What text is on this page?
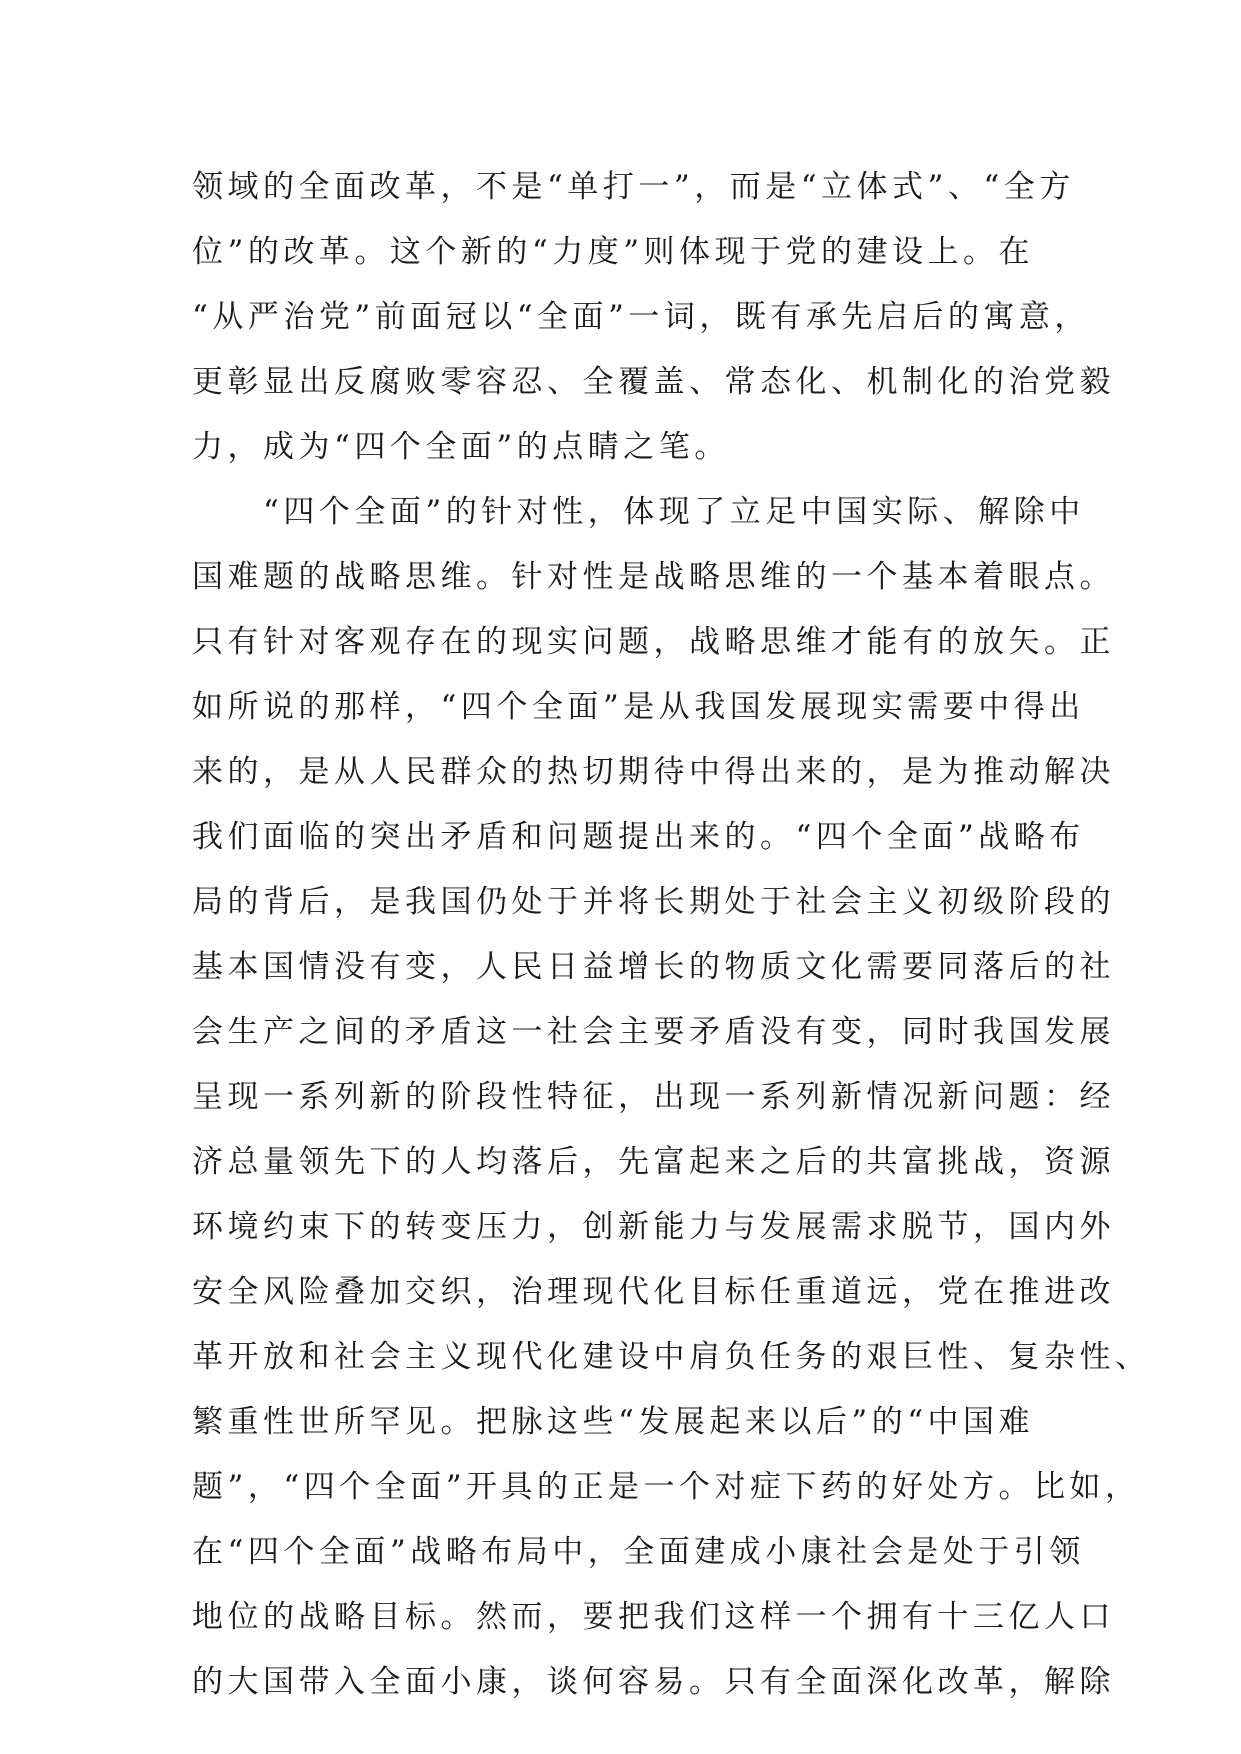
领域的全面改革，不是“单打一”，而是“立体式”、“全方
位”的改革。这个新的“力度”则体现于党的建设上。在
“从严治党”前面冠以“全面”一词，既有承先启后的寓意，
更彰显出反腐败零容忍、全覆盖、常态化、机制化的治党毅
力，成为“四个全面”的点睛之笔。
　　“四个全面”的针对性，体现了立足中国实际、解除中
国难题的战略思维。针对性是战略思维的一个基本着眼点。
只有针对客观存在的现实问题，战略思维才能有的放矢。正
如所说的那样，“四个全面”是从我国发展现实需要中得出
来的，是从人民群众的热切期待中得出来的，是为推动解决
我们面临的突出矛盾和问题提出来的。“四个全面”战略布
局的背后，是我国仍处于并将长期处于社会主义初级阶段的
基本国情没有变，人民日益增长的物质文化需要同落后的社
会生产之间的矛盾这一社会主要矛盾没有变，同时我国发展
呈现一系列新的阶段性特征，出现一系列新情况新问题：经
济总量领先下的人均落后，先富起来之后的共富挑战，资源
环境约束下的转变压力，创新能力与发展需求脱节，国内外
安全风险叠加交织，治理现代化目标任重道远，党在推进改
革开放和社会主义现代化建设中肩负任务的艰巨性、复杂性、
繁重性世所罕见。把脉这些“发展起来以后”的“中国难
题”，“四个全面”开具的正是一个对症下药的好处方。比如，
在“四个全面”战略布局中，全面建成小康社会是处于引领
地位的战略目标。然而，要把我们这样一个拥有十三亿人口
的大国带入全面小康，谈何容易。只有全面深化改革，解除
